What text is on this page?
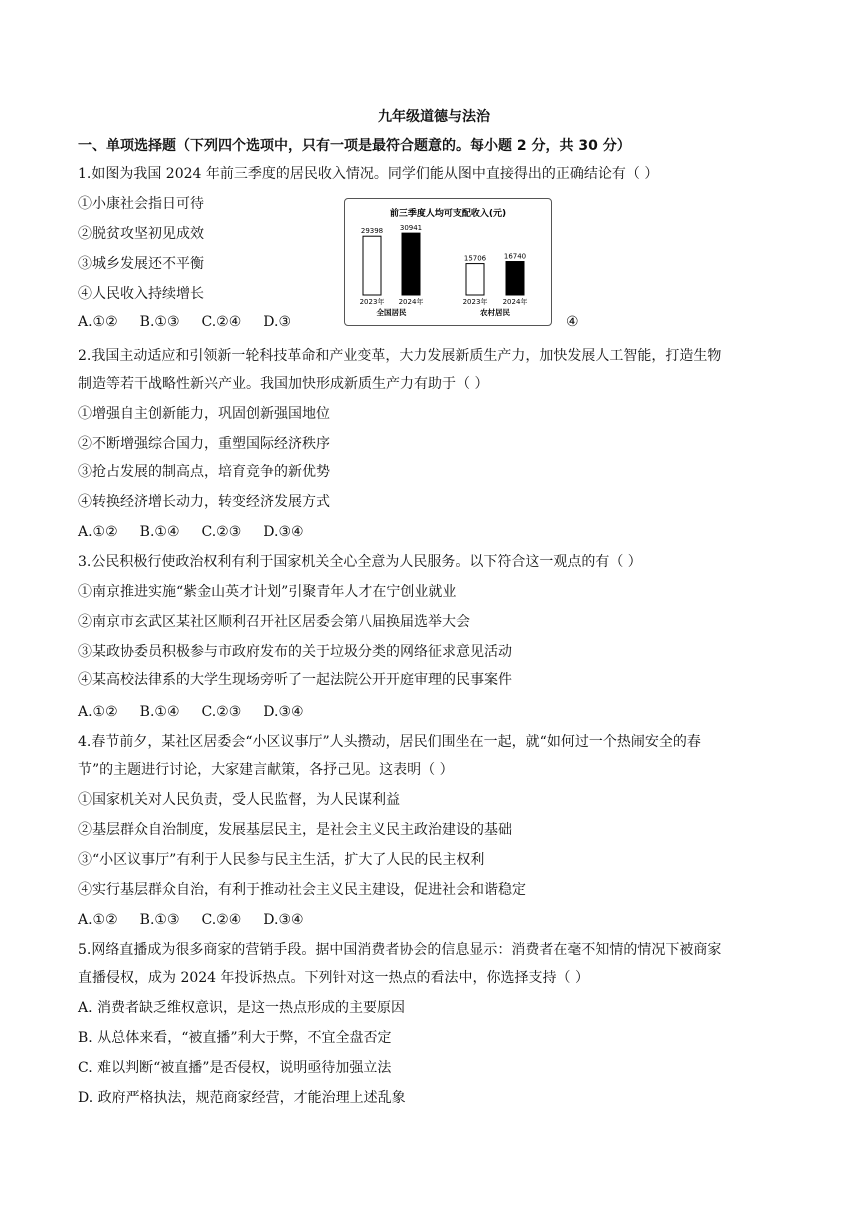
九年级道德与法治
一、单项选择题（下列四个选项中，只有一项是最符合题意的。每小题 2 分，共 30 分）
1.如图为我国 2024 年前三季度的居民收入情况。同学们能从图中直接得出的正确结论有（ ）
①小康社会指日可待
②脱贫攻坚初见成效
③城乡发展还不平衡
④人民收入持续增长
A.①② B.①③ C.②④ D.③	④
前三季度人均可支配收入(元)
29398
2023年
30941
2024年
15706
2023年
16740
2024年
全国居民	农村居民
2.我国主动适应和引领新一轮科技革命和产业变革，大力发展新质生产力，加快发展人工智能，打造生物
制造等若干战略性新兴产业。我国加快形成新质生产力有助于（ ）
①增强自主创新能力，巩固创新强国地位
②不断增强综合国力，重塑国际经济秩序
③抢占发展的制高点，培育竞争的新优势
④转换经济增长动力，转变经济发展方式
A.①② B.①④ C.②③ D.③④
3.公民积极行使政治权利有利于国家机关全心全意为人民服务。以下符合这一观点的有（ ）
①南京推进实施“紫金山英才计划”引聚青年人才在宁创业就业
②南京市玄武区某社区顺利召开社区居委会第八届换届选举大会
③某政协委员积极参与市政府发布的关于垃圾分类的网络征求意见活动
④某高校法律系的大学生现场旁听了一起法院公开开庭审理的民事案件
A.①② B.①④ C.②③ D.③④
4.春节前夕，某社区居委会“小区议事厅”人头攒动，居民们围坐在一起，就“如何过一个热闹安全的春
节”的主题进行讨论，大家建言献策，各抒己见。这表明（ ）
①国家机关对人民负责，受人民监督，为人民谋利益
②基层群众自治制度，发展基层民主，是社会主义民主政治建设的基础
③“小区议事厅”有利于人民参与民主生活，扩大了人民的民主权利
④实行基层群众自治，有利于推动社会主义民主建设，促进社会和谐稳定
A.①② B.①③ C.②④ D.③④
5.网络直播成为很多商家的营销手段。据中国消费者协会的信息显示：消费者在毫不知情的情况下被商家
直播侵权，成为 2024 年投诉热点。下列针对这一热点的看法中，你选择支持（ ）
A. 消费者缺乏维权意识，是这一热点形成的主要原因
B. 从总体来看，“被直播”利大于弊，不宜全盘否定
C. 难以判断“被直播”是否侵权，说明亟待加强立法
D. 政府严格执法，规范商家经营，才能治理上述乱象
